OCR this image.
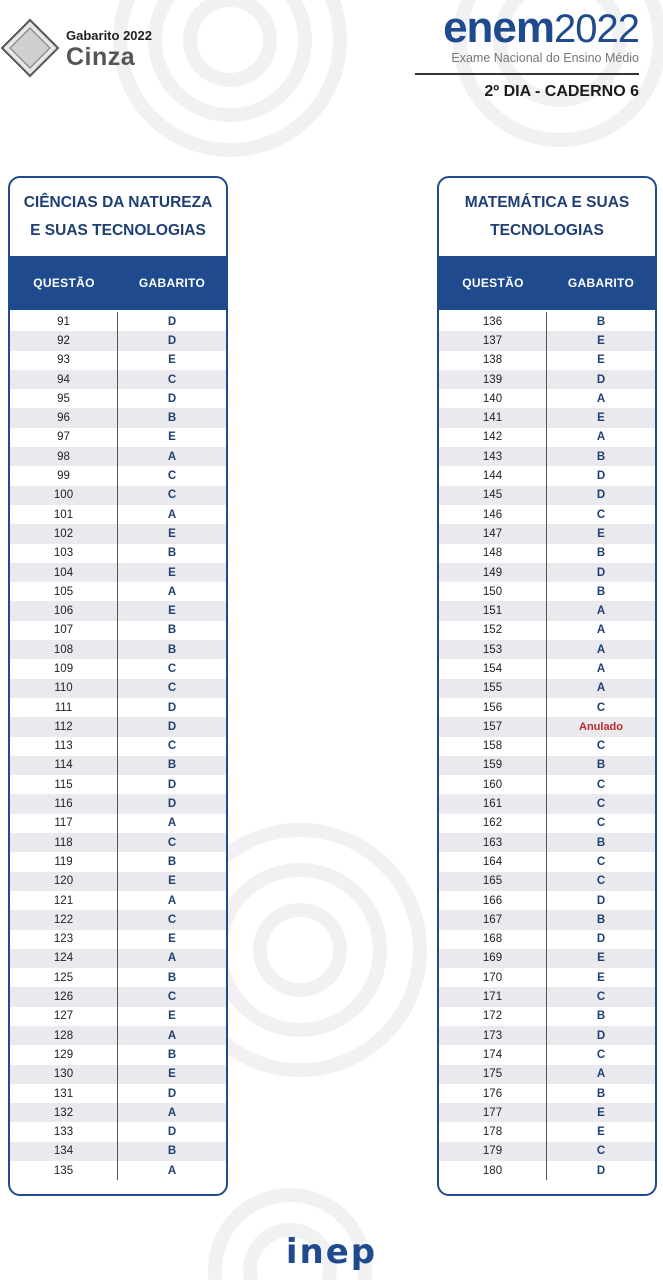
Gabarito 2022
Cinza
enem2022
Exame Nacional do Ensino Médio
2º DIA - CADERNO 6
CIÊNCIAS DA NATUREZA
E SUAS TECNOLOGIAS
QUESTÃO	GABARITO
91	D
92	D
93	E
94	C
95	D
96	B
97	E
98	A
99	C
100	C
101	A
102	E
103	B
104	E
105	A
106	E
107	B
108	B
109	C
110	C
111	D
112	D
113	C
114	B
115	D
116	D
117	A
118	C
119	B
120	E
121	A
122	C
123	E
124	A
125	B
126	C
127	E
128	A
129	B
130	E
131	D
132	A
133	D
134	B
135	A
MATEMÁTICA E SUAS
TECNOLOGIAS
QUESTÃO	GABARITO
136	B
137	E
138	E
139	D
140	A
141	E
142	A
143	B
144	D
145	D
146	C
147	E
148	B
149	D
150	B
151	A
152	A
153	A
154	A
155	A
156	C
157	Anulado
158	C
159	B
160	C
161	C
162	C
163	B
164	C
165	C
166	D
167	B
168	D
169	E
170	E
171	C
172	B
173	D
174	C
175	A
176	B
177	E
178	E
179	C
180	D
inep
